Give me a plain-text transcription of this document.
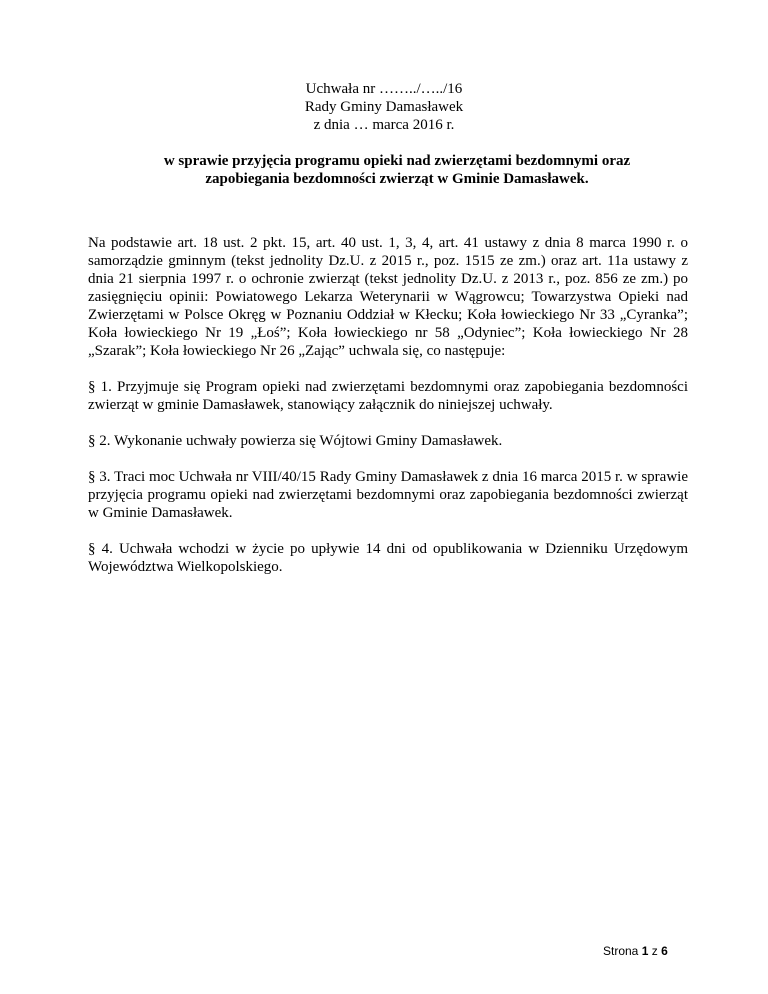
Uchwała nr ……../…../16
Rady Gminy Damasławek
z dnia … marca 2016 r.
w sprawie przyjęcia programu opieki nad zwierzętami bezdomnymi oraz
zapobiegania bezdomności zwierząt w Gminie Damasławek.

Na podstawie art. 18 ust. 2 pkt. 15, art. 40 ust. 1, 3, 4, art. 41 ustawy z dnia 8 marca 1990 r. o samorządzie gminnym (tekst jednolity Dz.U. z 2015 r., poz. 1515 ze zm.) oraz art. 11a ustawy z dnia 21 sierpnia 1997 r. o ochronie zwierząt (tekst jednolity Dz.U. z 2013 r., poz. 856 ze zm.) po zasięgnięciu opinii: Powiatowego Lekarza Weterynarii w Wągrowcu; Towarzystwa Opieki nad Zwierzętami w Polsce Okręg w Poznaniu Oddział w Kłecku; Koła łowieckiego Nr 33 „Cyranka”; Koła łowieckiego Nr 19 „Łoś”; Koła łowieckiego nr 58 „Odyniec”; Koła łowieckiego Nr 28 „Szarak”; Koła łowieckiego Nr 26 „Zając” uchwala się, co następuje:

§ 1. Przyjmuje się Program opieki nad zwierzętami bezdomnymi oraz zapobiegania bezdomności zwierząt w gminie Damasławek, stanowiący załącznik do niniejszej uchwały.

§ 2. Wykonanie uchwały powierza się Wójtowi Gminy Damasławek.

§ 3. Traci moc Uchwała nr VIII/40/15 Rady Gminy Damasławek z dnia 16 marca 2015 r. w sprawie przyjęcia programu opieki nad zwierzętami bezdomnymi oraz zapobiegania bezdomności zwierząt w Gminie Damasławek.

§ 4. Uchwała wchodzi w życie po upływie 14 dni od opublikowania w Dzienniku Urzędowym Województwa Wielkopolskiego.

Strona 1 z 6
